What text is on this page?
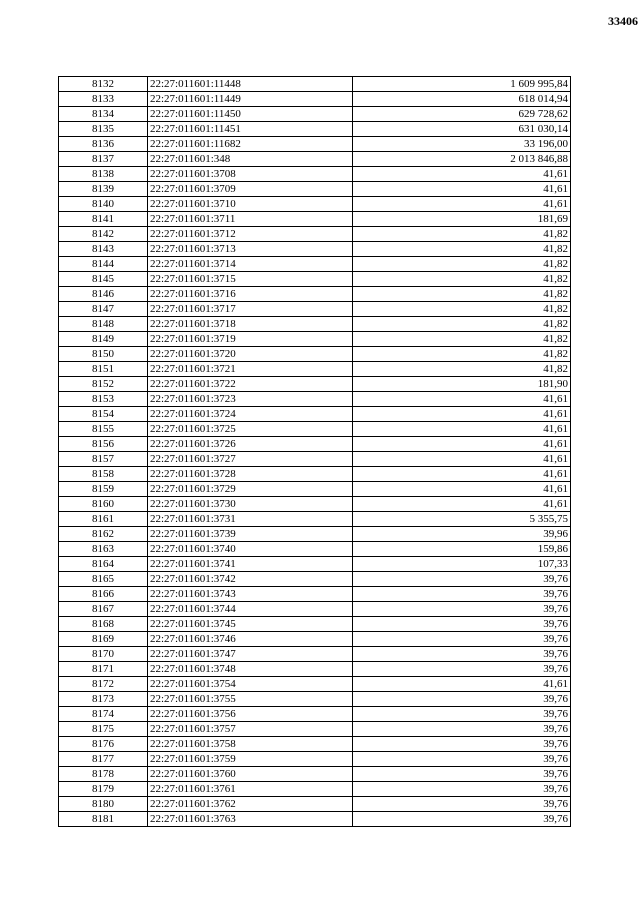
33406
8132	22:27:011601:11448	1 609 995,84
8133	22:27:011601:11449	618 014,94
8134	22:27:011601:11450	629 728,62
8135	22:27:011601:11451	631 030,14
8136	22:27:011601:11682	33 196,00
8137	22:27:011601:348	2 013 846,88
8138	22:27:011601:3708	41,61
8139	22:27:011601:3709	41,61
8140	22:27:011601:3710	41,61
8141	22:27:011601:3711	181,69
8142	22:27:011601:3712	41,82
8143	22:27:011601:3713	41,82
8144	22:27:011601:3714	41,82
8145	22:27:011601:3715	41,82
8146	22:27:011601:3716	41,82
8147	22:27:011601:3717	41,82
8148	22:27:011601:3718	41,82
8149	22:27:011601:3719	41,82
8150	22:27:011601:3720	41,82
8151	22:27:011601:3721	41,82
8152	22:27:011601:3722	181,90
8153	22:27:011601:3723	41,61
8154	22:27:011601:3724	41,61
8155	22:27:011601:3725	41,61
8156	22:27:011601:3726	41,61
8157	22:27:011601:3727	41,61
8158	22:27:011601:3728	41,61
8159	22:27:011601:3729	41,61
8160	22:27:011601:3730	41,61
8161	22:27:011601:3731	5 355,75
8162	22:27:011601:3739	39,96
8163	22:27:011601:3740	159,86
8164	22:27:011601:3741	107,33
8165	22:27:011601:3742	39,76
8166	22:27:011601:3743	39,76
8167	22:27:011601:3744	39,76
8168	22:27:011601:3745	39,76
8169	22:27:011601:3746	39,76
8170	22:27:011601:3747	39,76
8171	22:27:011601:3748	39,76
8172	22:27:011601:3754	41,61
8173	22:27:011601:3755	39,76
8174	22:27:011601:3756	39,76
8175	22:27:011601:3757	39,76
8176	22:27:011601:3758	39,76
8177	22:27:011601:3759	39,76
8178	22:27:011601:3760	39,76
8179	22:27:011601:3761	39,76
8180	22:27:011601:3762	39,76
8181	22:27:011601:3763	39,76
